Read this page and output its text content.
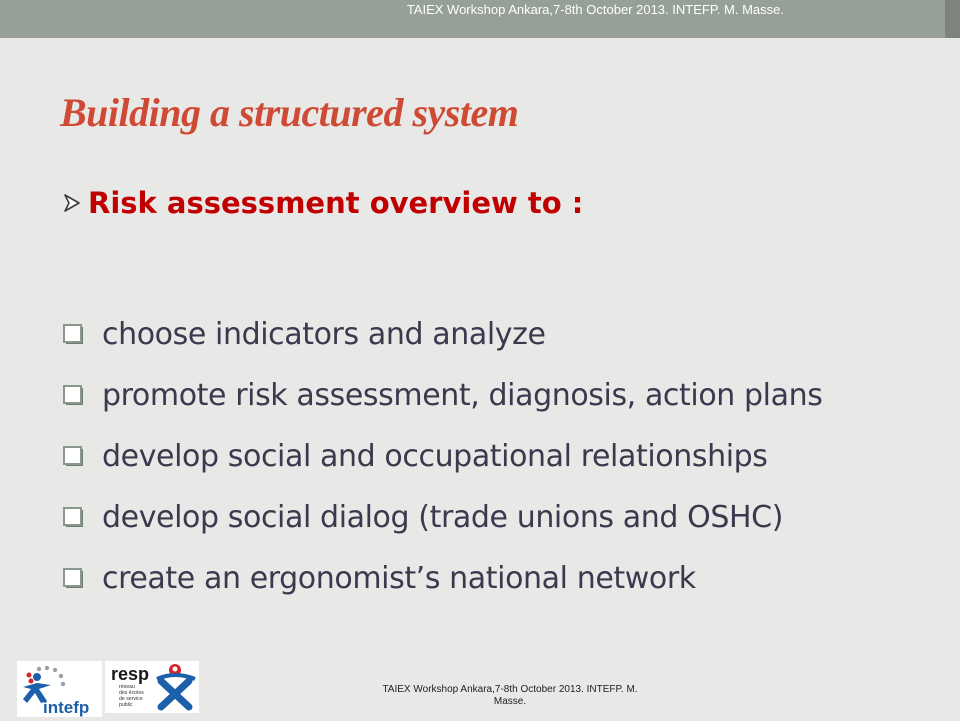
TAIEX Workshop Ankara,7-8th October 2013. INTEFP. M. Masse.
Building a structured system
Risk assessment overview to :
choose indicators and analyze
promote risk assessment, diagnosis, action plans
develop social and occupational relationships
develop social dialog (trade unions and OSHC)
create an ergonomist’s national network
intefp
resp
réseau
des écoles
de service
public
TAIEX Workshop Ankara,7-8th October 2013. INTEFP. M. Masse.
